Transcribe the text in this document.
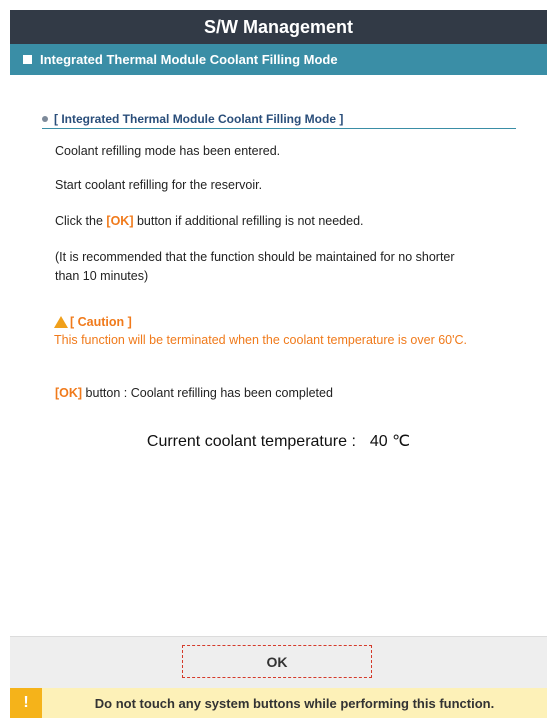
S/W Management
Integrated Thermal Module Coolant Filling Mode
[ Integrated Thermal Module Coolant Filling Mode ]
Coolant refilling mode has been entered.
Start coolant refilling for the reservoir.
Click the [OK] button if additional refilling is not needed.
(It is recommended that the function should be maintained for no shorter
than 10 minutes)
[ Caution ]
This function will be terminated when the coolant temperature is over 60'C.
[OK] button : Coolant refilling has been completed
Current coolant temperature : 40 ℃
OK
!	Do not touch any system buttons while performing this function.
